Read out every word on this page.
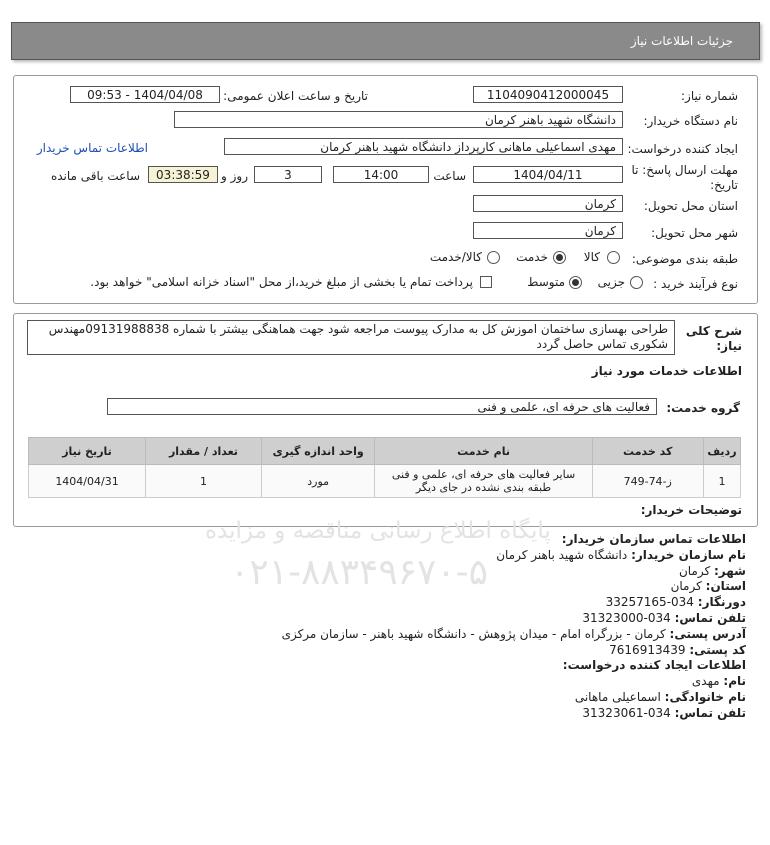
جزئیات اطلاعات نیاز
شماره نیاز:
1104090412000045
تاریخ و ساعت اعلان عمومی:
1404/04/08 - 09:53
نام دستگاه خریدار:
دانشگاه شهید باهنر کرمان
ایجاد کننده درخواست:
مهدی اسماعیلی ماهانی کارپرداز دانشگاه شهید باهنر کرمان
اطلاعات تماس خریدار
مهلت ارسال پاسخ: تا
تاریخ:
1404/04/11
ساعت
14:00
3
روز و
03:38:59
ساعت باقی مانده
استان محل تحویل:
کرمان
شهر محل تحویل:
کرمان
طبقه بندی موضوعی:
کالا
خدمت
کالا/خدمت
نوع فرآیند خرید :
جزیی
متوسط
پرداخت تمام یا بخشی از مبلغ خرید،از محل "اسناد خزانه اسلامی" خواهد بود.
شرح کلی
نیاز:
طراحی بهسازی ساختمان اموزش کل به مدارک پیوست مراجعه شود جهت هماهنگی بیشتر با شماره 09131988838مهندس شکوری تماس حاصل گردد
اطلاعات خدمات مورد نیاز
گروه خدمت:
فعالیت های حرفه ای، علمی و فنی
ردیف	کد خدمت	نام خدمت	واحد اندازه گیری	تعداد / مقدار	تاریخ نیاز
1	ز-74-749	سایر فعالیت های حرفه ای، علمی و فنی طبقه بندی نشده در جای دیگر	مورد	1	1404/04/31
توضیحات خریدار:
پایگاه اطلاع رسانی مناقصه و مزایده
۰۲۱-۸۸۳۴۹۶۷۰-۵
اطلاعات تماس سازمان خریدار:
نام سازمان خریدار: دانشگاه شهید باهنر کرمان
شهر: کرمان
استان: کرمان
دورنگار: 034-33257165
تلفن تماس: 034-31323000
آدرس پستی: کرمان - بزرگراه امام - میدان پژوهش - دانشگاه شهید باهنر - سازمان مرکزی
کد پستی: 7616913439
اطلاعات ایجاد کننده درخواست:
نام: مهدی
نام خانوادگی: اسماعیلی ماهانی
تلفن تماس: 034-31323061
